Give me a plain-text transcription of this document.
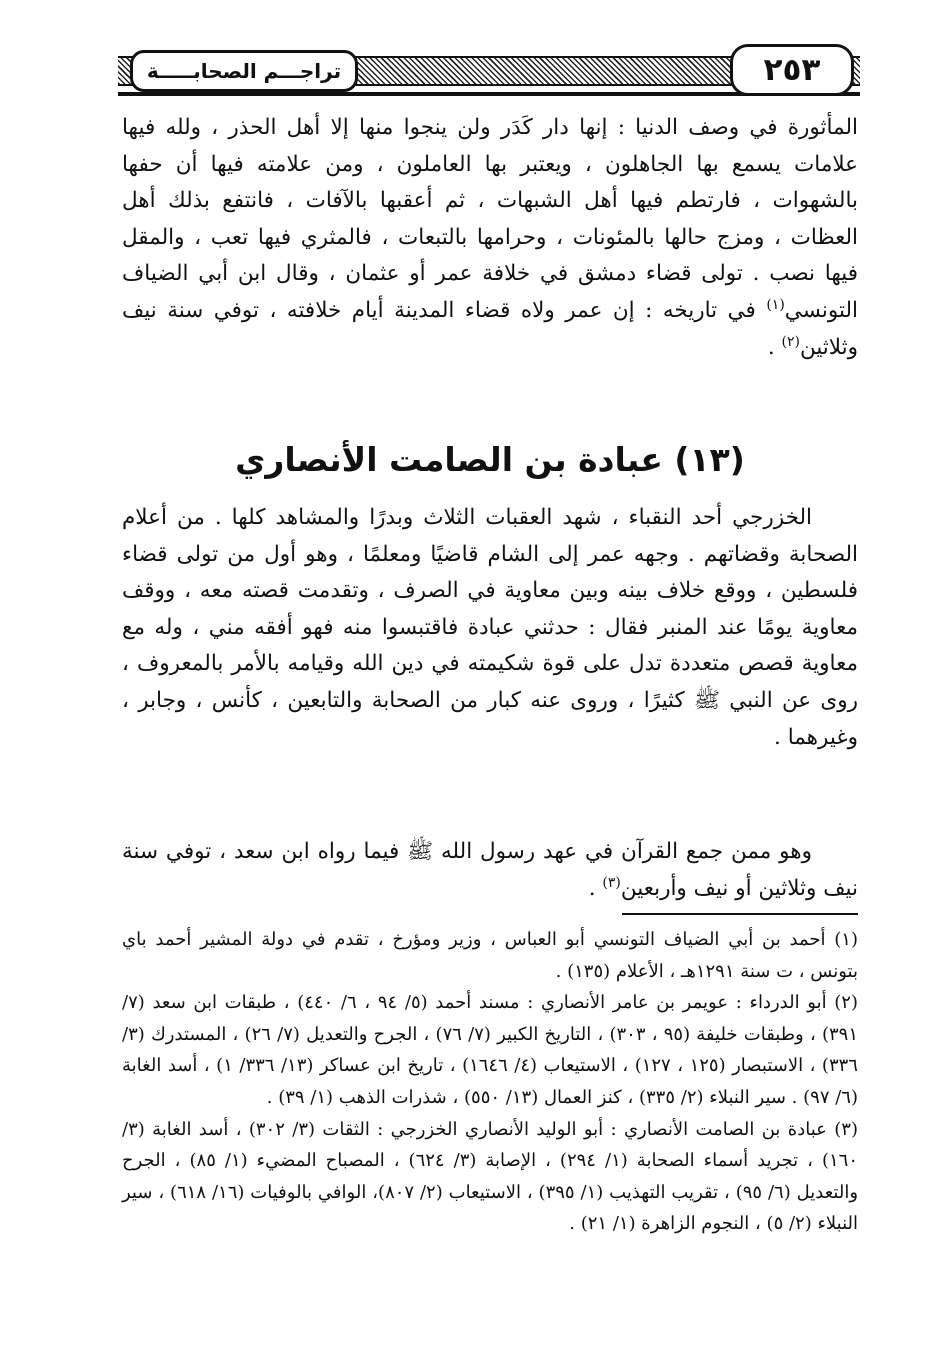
تراجـــم الصحابـــــة	٢٥٣

المأثورة في وصف الدنيا : إنها دار كَدَر ولن ينجوا منها إلا أهل الحذر ، ولله فيها علامات يسمع بها الجاهلون ، ويعتبر بها العاملون ، ومن علامته فيها أن حفها بالشهوات ، فارتطم فيها أهل الشبهات ، ثم أعقبها بالآفات ، فانتفع بذلك أهل العظات ، ومزج حالها بالمئونات ، وحرامها بالتبعات ، فالمثري فيها تعب ، والمقل فيها نصب . تولى قضاء دمشق في خلافة عمر أو عثمان ، وقال ابن أبي الضياف التونسي$^{(١)}$ في تاريخه : إن عمر ولاه قضاء المدينة أيام خلافته ، توفي سنة نيف وثلاثين$^{(٢)}$ .

(١٣) عبادة بن الصامت الأنصاري

الخزرجي أحد النقباء ، شهد العقبات الثلاث وبدرًا والمشاهد كلها . من أعلام الصحابة وقضاتهم . وجهه عمر إلى الشام قاضيًا ومعلمًا ، وهو أول من تولى قضاء فلسطين ، ووقع خلاف بينه وبين معاوية في الصرف ، وتقدمت قصته معه ، ووقف معاوية يومًا عند المنبر فقال : حدثني عبادة فاقتبسوا منه فهو أفقه مني ، وله مع معاوية قصص متعددة تدل على قوة شكيمته في دين الله وقيامه بالأمر بالمعروف ، روى عن النبي ﷺ كثيرًا ، وروى عنه كبار من الصحابة والتابعين ، كأنس ، وجابر ، وغيرهما .

وهو ممن جمع القرآن في عهد رسول الله ﷺ فيما رواه ابن سعد ، توفي سنة نيف وثلاثين أو نيف وأربعين$^{(٣)}$ .

(١) أحمد بن أبي الضياف التونسي أبو العباس ، وزير ومؤرخ ، تقدم في دولة المشير أحمد باي بتونس ، ت سنة ١٢٩١هـ ، الأعلام (١٣٥) .

(٢) أبو الدرداء : عويمر بن عامر الأنصاري : مسند أحمد (٥/ ٩٤ ، ٦/ ٤٤٠) ، طبقات ابن سعد (٧/ ٣٩١) ، وطبقات خليفة (٩٥ ، ٣٠٣) ، التاريخ الكبير (٧/ ٧٦) ، الجرح والتعديل (٧/ ٢٦) ، المستدرك (٣/ ٣٣٦) ، الاستبصار (١٢٥ ، ١٢٧) ، الاستيعاب (٤/ ١٦٤٦) ، تاريخ ابن عساكر (١٣/ ٣٣٦/ ١) ، أسد الغابة (٦/ ٩٧) . سير النبلاء (٢/ ٣٣٥) ، كنز العمال (١٣/ ٥٥٠) ، شذرات الذهب (١/ ٣٩) .

(٣) عبادة بن الصامت الأنصاري : أبو الوليد الأنصاري الخزرجي : الثقات (٣/ ٣٠٢) ، أسد الغابة (٣/ ١٦٠) ، تجريد أسماء الصحابة (١/ ٢٩٤) ، الإصابة (٣/ ٦٢٤) ، المصباح المضيء (١/ ٨٥) ، الجرح والتعديل (٦/ ٩٥) ، تقريب التهذيب (١/ ٣٩٥) ، الاستيعاب (٢/ ٨٠٧)، الوافي بالوفيات (١٦/ ٦١٨) ، سير النبلاء (٢/ ٥) ، النجوم الزاهرة (١/ ٢١) .
